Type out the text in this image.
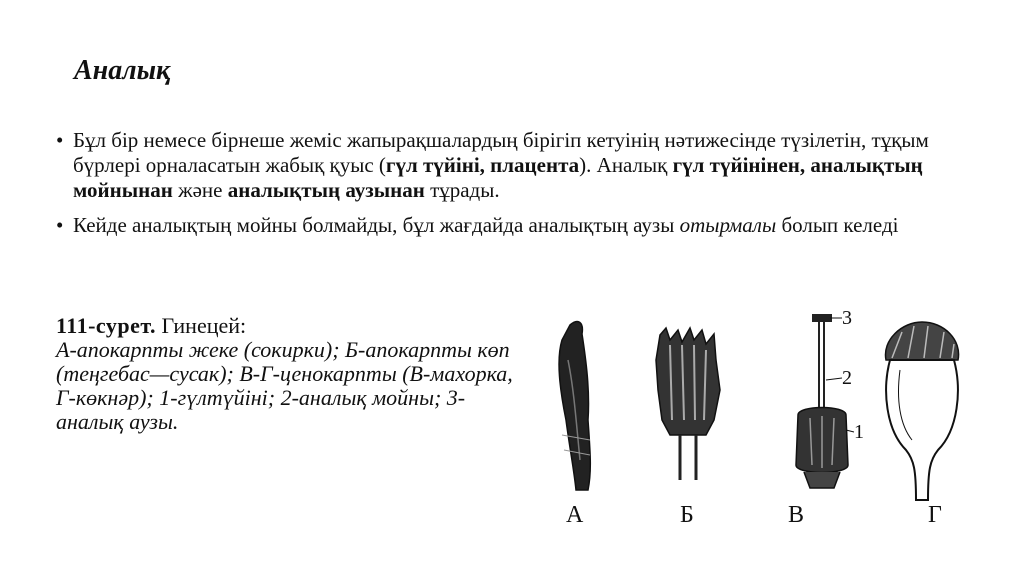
Аналық
• Бұл бір немесе бірнеше жеміс жапырақшалардың бірігіп кетуінің нәтижесінде түзілетін, тұқым бүрлері орналасатын жабық қуыс (гүл түйіні, плацента). Аналық гүл түйінінен, аналықтың мойнынан және аналықтың аузынан тұрады.
• Кейде аналықтың мойны болмайды, бұл жағдайда аналықтың аузы отырмалы болып келеді
111-сурет. Гинецей:
А-апокарпты жеке (сокирки); Б-апокарпты көп (теңгебас—сусак); В-Г-ценокарпты (В-махорка, Г-көкнәр); 1-гүлтүйіні; 2-аналық мойны; 3-аналық аузы.
3
2
1
А	Б	В	Г
